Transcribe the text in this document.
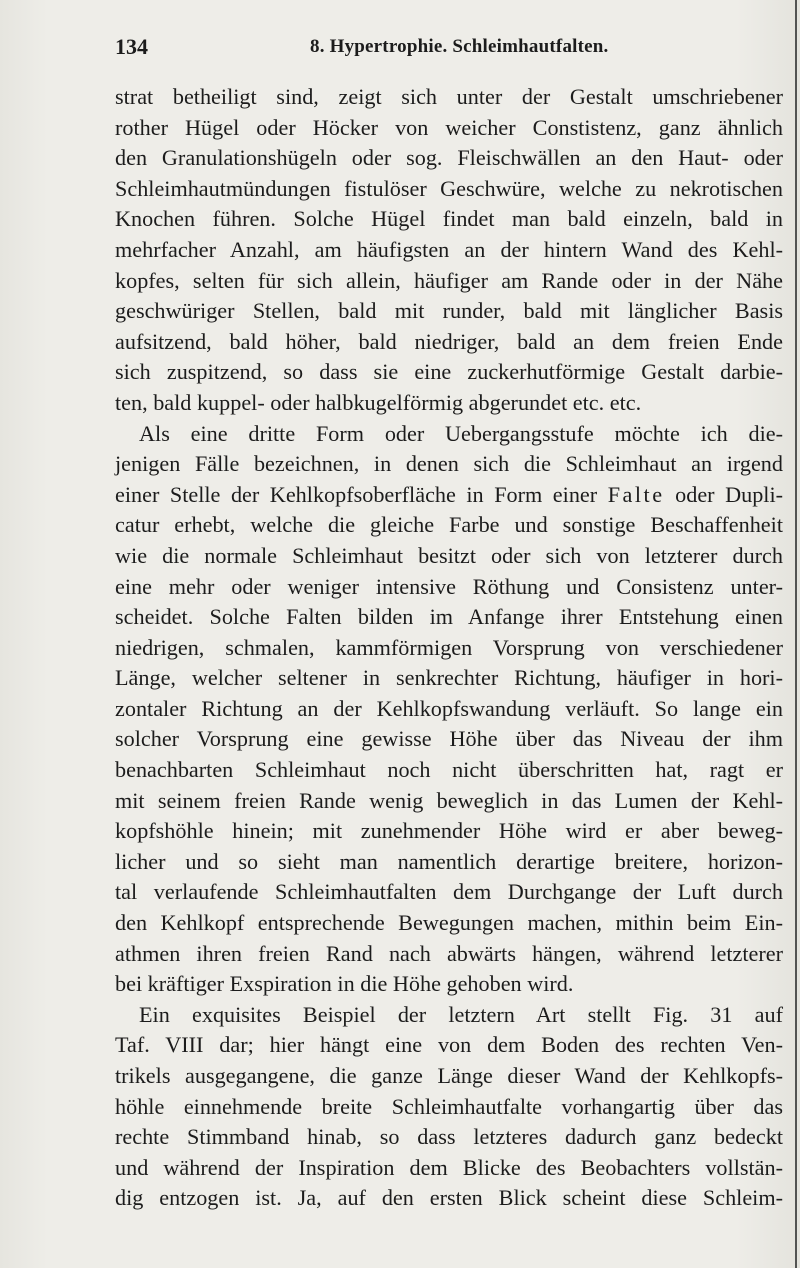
134	8. Hypertrophie. Schleimhautfalten.
strat betheiligt sind, zeigt sich unter der Gestalt umschriebener
rother Hügel oder Höcker von weicher Constistenz, ganz ähnlich
den Granulationshügeln oder sog. Fleischwällen an den Haut- oder
Schleimhautmündungen fistulöser Geschwüre, welche zu nekrotischen
Knochen führen. Solche Hügel findet man bald einzeln, bald in
mehrfacher Anzahl, am häufigsten an der hintern Wand des Kehl-
kopfes, selten für sich allein, häufiger am Rande oder in der Nähe
geschwüriger Stellen, bald mit runder, bald mit länglicher Basis
aufsitzend, bald höher, bald niedriger, bald an dem freien Ende
sich zuspitzend, so dass sie eine zuckerhutförmige Gestalt darbie-
ten, bald kuppel- oder halbkugelförmig abgerundet etc. etc.
Als eine dritte Form oder Uebergangsstufe möchte ich die-
jenigen Fälle bezeichnen, in denen sich die Schleimhaut an irgend
einer Stelle der Kehlkopfsoberfläche in Form einer Falte oder Dupli-
catur erhebt, welche die gleiche Farbe und sonstige Beschaffenheit
wie die normale Schleimhaut besitzt oder sich von letzterer durch
eine mehr oder weniger intensive Röthung und Consistenz unter-
scheidet. Solche Falten bilden im Anfange ihrer Entstehung einen
niedrigen, schmalen, kammförmigen Vorsprung von verschiedener
Länge, welcher seltener in senkrechter Richtung, häufiger in hori-
zontaler Richtung an der Kehlkopfswandung verläuft. So lange ein
solcher Vorsprung eine gewisse Höhe über das Niveau der ihm
benachbarten Schleimhaut noch nicht überschritten hat, ragt er
mit seinem freien Rande wenig beweglich in das Lumen der Kehl-
kopfshöhle hinein; mit zunehmender Höhe wird er aber beweg-
licher und so sieht man namentlich derartige breitere, horizon-
tal verlaufende Schleimhautfalten dem Durchgange der Luft durch
den Kehlkopf entsprechende Bewegungen machen, mithin beim Ein-
athmen ihren freien Rand nach abwärts hängen, während letzterer
bei kräftiger Exspiration in die Höhe gehoben wird.
Ein exquisites Beispiel der letztern Art stellt Fig. 31 auf
Taf. VIII dar; hier hängt eine von dem Boden des rechten Ven-
trikels ausgegangene, die ganze Länge dieser Wand der Kehlkopfs-
höhle einnehmende breite Schleimhautfalte vorhangartig über das
rechte Stimmband hinab, so dass letzteres dadurch ganz bedeckt
und während der Inspiration dem Blicke des Beobachters vollstän-
dig entzogen ist. Ja, auf den ersten Blick scheint diese Schleim-
